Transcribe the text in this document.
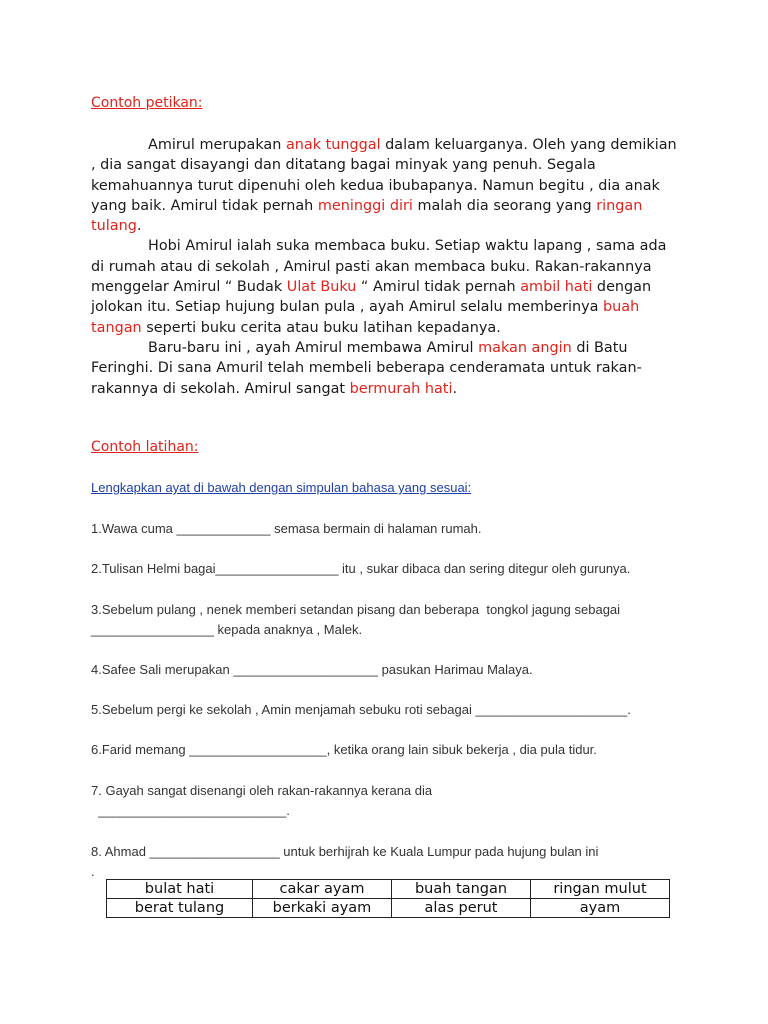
Contoh petikan:

Amirul merupakan anak tunggal dalam keluarganya. Oleh yang demikian , dia sangat disayangi dan ditatang bagai minyak yang penuh. Segala kemahuannya turut dipenuhi oleh kedua ibubapanya. Namun begitu , dia anak yang baik. Amirul tidak pernah meninggi diri malah dia seorang yang ringan tulang.

Hobi Amirul ialah suka membaca buku. Setiap waktu lapang , sama ada di rumah atau di sekolah , Amirul pasti akan membaca buku. Rakan-rakannya menggelar Amirul “ Budak Ulat Buku “ Amirul tidak pernah ambil hati dengan jolokan itu. Setiap hujung bulan pula , ayah Amirul selalu memberinya buah tangan seperti buku cerita atau buku latihan kepadanya.

Baru-baru ini , ayah Amirul membawa Amirul makan angin di Batu Feringhi. Di sana Amuril telah membeli beberapa cenderamata untuk rakan-rakannya di sekolah. Amirul sangat bermurah hati.

Contoh latihan:
Lengkapkan ayat di bawah dengan simpulan bahasa yang sesuai:
1.Wawa cuma _____________ semasa bermain di halaman rumah.
2.Tulisan Helmi bagai_________________ itu , sukar dibaca dan sering ditegur oleh gurunya.
3.Sebelum pulang , nenek memberi setandan pisang dan beberapa  tongkol jagung sebagai
_________________ kepada anaknya , Malek.
4.Safee Sali merupakan ____________________ pasukan Harimau Malaya.
5.Sebelum pergi ke sekolah , Amin menjamah sebuku roti sebagai _____________________.
6.Farid memang ___________________, ketika orang lain sibuk bekerja , dia pula tidur.
7. Gayah sangat disenangi oleh rakan-rakannya kerana dia
__________________________.
8. Ahmad __________________ untuk berhijrah ke Kuala Lumpur pada hujung bulan ini
.
bulat hati	cakar ayam	buah tangan	ringan mulut
berat tulang	berkaki ayam	alas perut	ayam
